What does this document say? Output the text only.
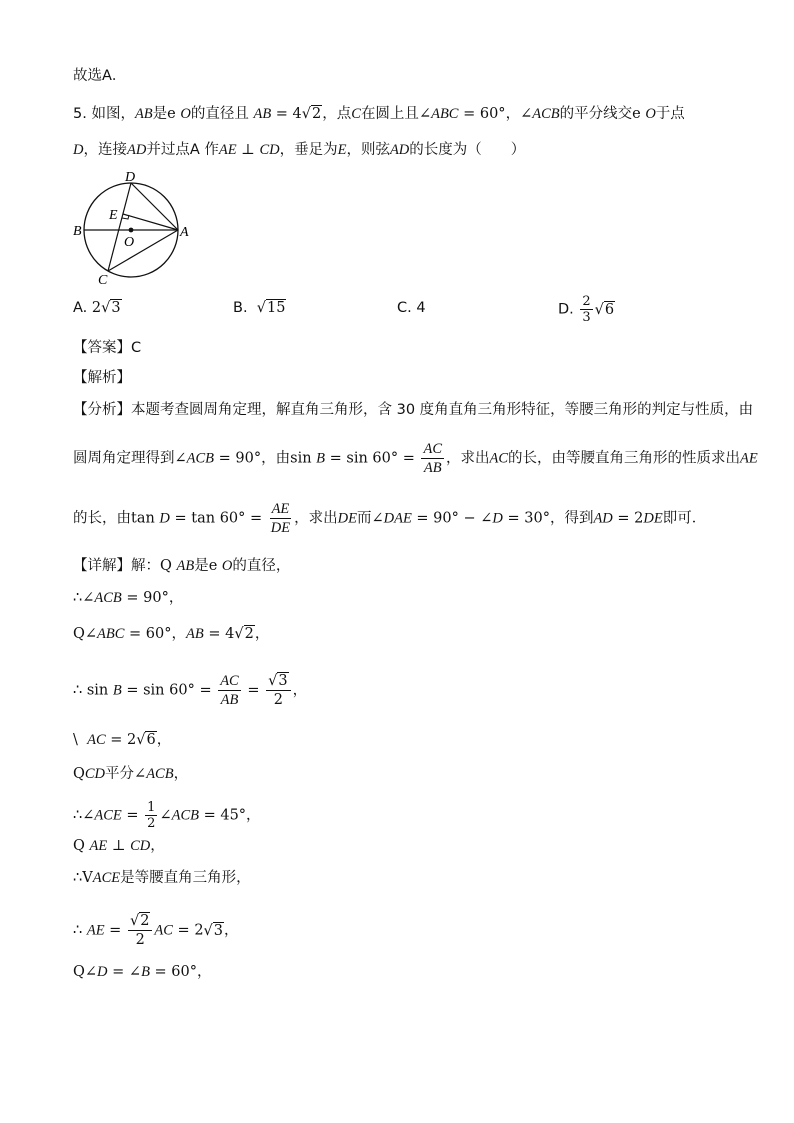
故选A．
5. 如图，AB是e O的直径且 AB = 4√2，点C在圆上且∠ABC = 60°，∠ACB的平分线交e O于点
D，连接AD并过点A 作AE ⊥ CD，垂足为E，则弦AD的长度为（　　）
D
E
B	A
O
C
A. 2√3	B. √15	C. 4	D. $\frac{2}{3} √6$
【答案】C
【解析】
【分析】本题考查圆周角定理，解直角三角形，含 30 度角直角三角形特征，等腰三角形的判定与性质，由
圆周角定理得到∠ACB = 90°，由$\sin B = \sin 60^\circ = \frac{AC}{AB}$ ，求出AC的长，由等腰直角三角形的性质求出AE
的长，由$\tan D = \tan 60^\circ = \frac{AE}{DE}$ ，求出DE而∠DAE = 90° − ∠D = 30°，得到AD = 2DE即可．
【详解】解：Q AB是e O的直径，
∴∠ACB = 90°，
Q∠ABC = 60°，AB = 4√2，
∴ $\sin B = \sin 60^\circ = \frac{AC}{AB} = \frac{√3}{2}$ ，
\ AC = 2√6，
QCD平分∠ACB，
∴∠ACE = $\frac{1}{2}$ ∠ACB = 45°，
Q AE ⊥ CD，
∴VACE是等腰直角三角形，
∴ AE = $\frac{√2}{2}$ AC = 2√3，
Q∠D = ∠B = 60°，
